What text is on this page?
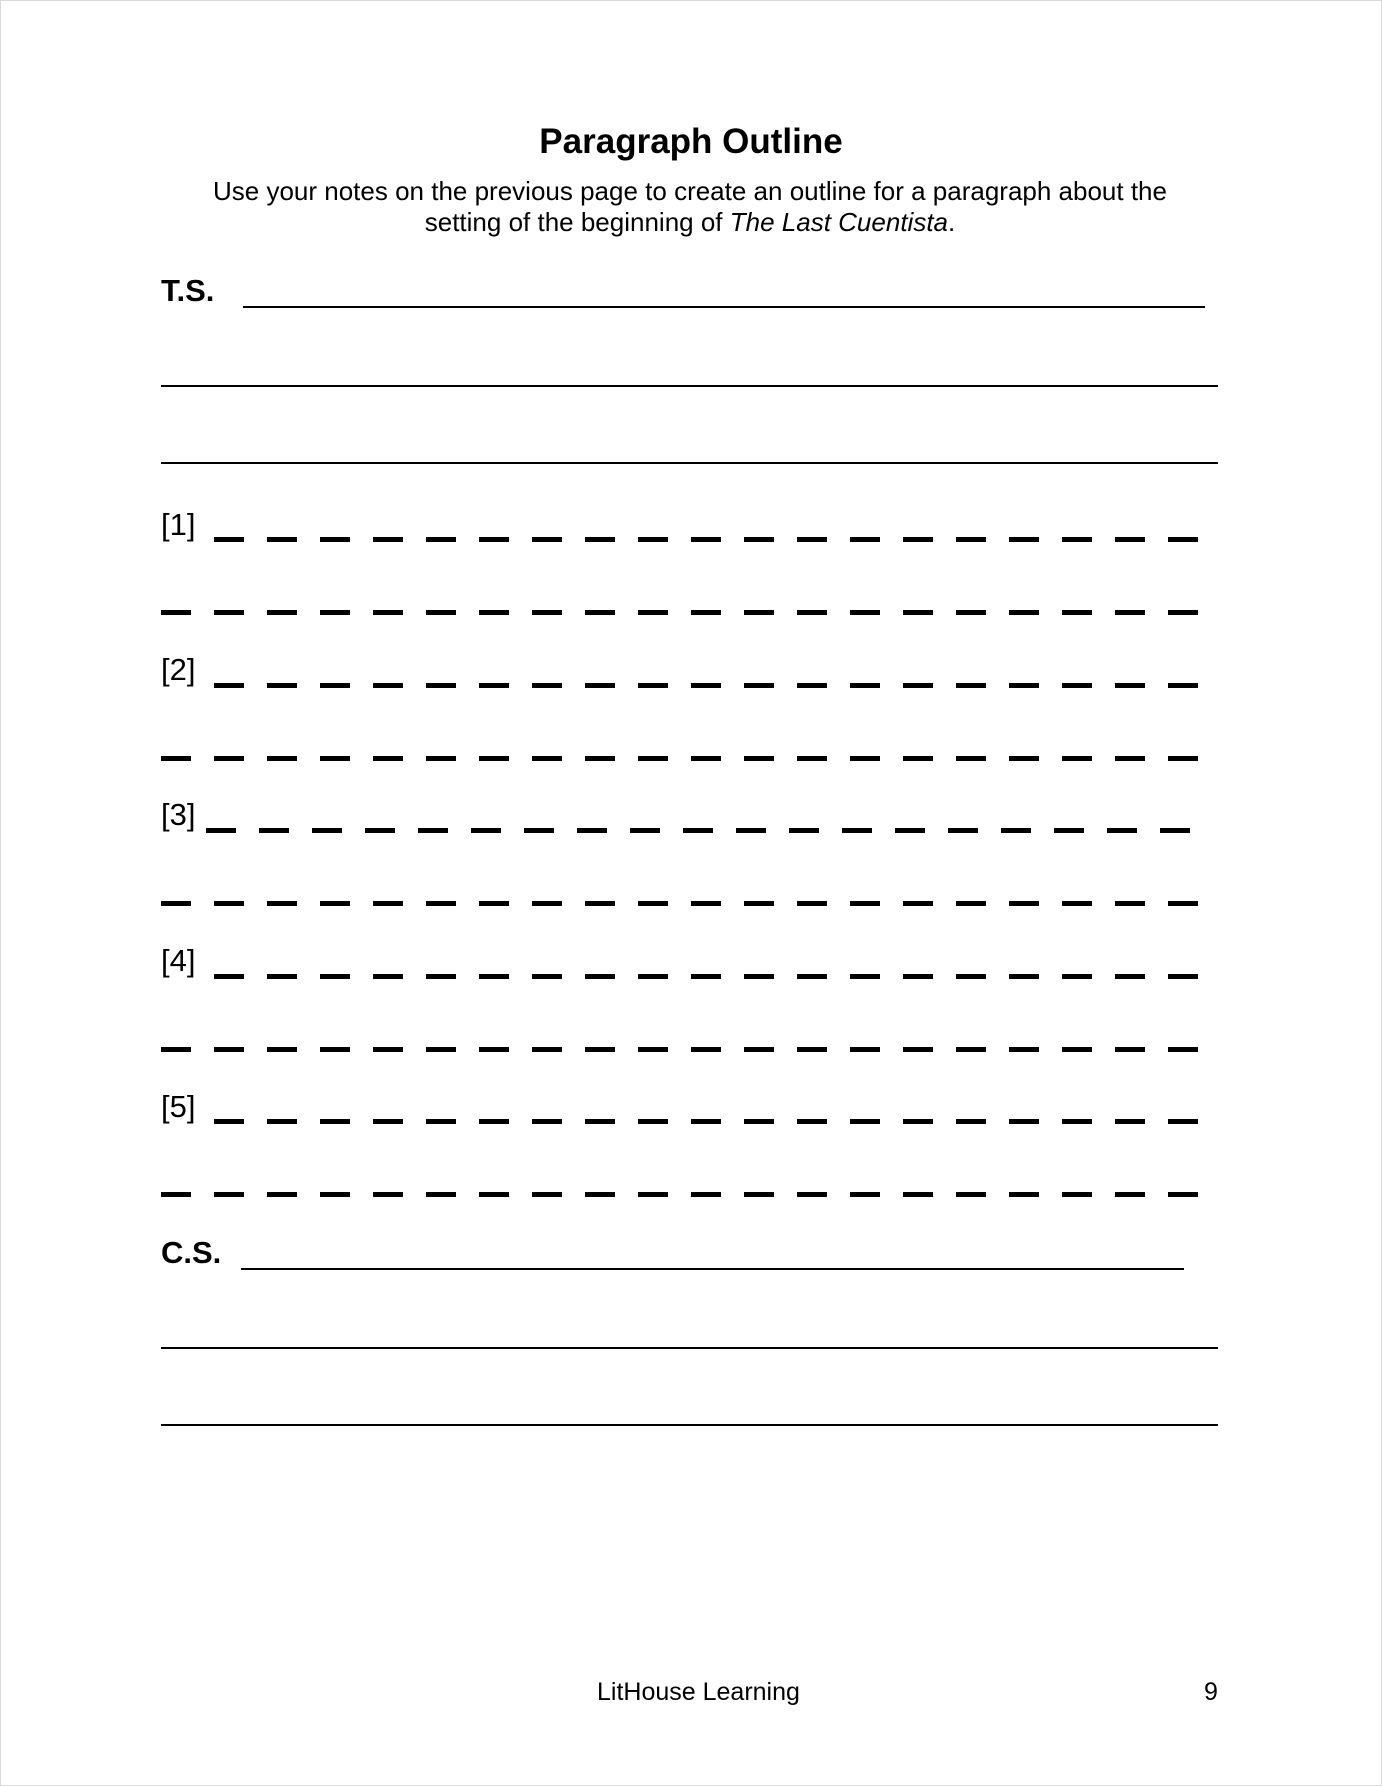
Paragraph Outline
Use your notes on the previous page to create an outline for a paragraph about the
setting of the beginning of The Last Cuentista.
T.S.
[1]
[2]
[3]
[4]
[5]
C.S.
LitHouse Learning	9
